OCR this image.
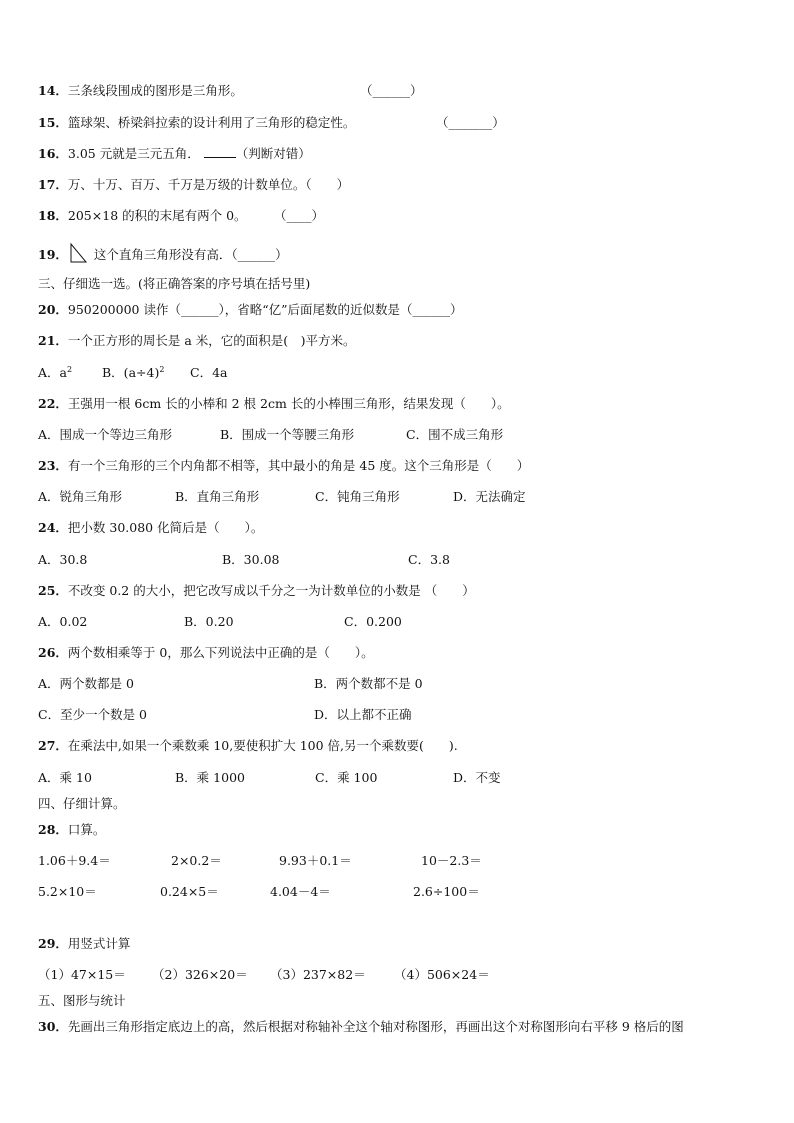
14．三条线段围成的图形是三角形。	（______）
15．篮球架、桥梁斜拉索的设计利用了三角形的稳定性。	（_______）
16．3.05 元就是三元五角．	（判断对错）
17．万、十万、百万、千万是万级的计数单位。（　　）
18．205×18 的积的末尾有两个 0。 （____）
19． 这个直角三角形没有高．（______）
三、仔细选一选。(将正确答案的序号填在括号里)
20．950200000 读作（______），省略“亿”后面尾数的近似数是（______）
21．一个正方形的周长是 a 米，它的面积是(　)平方米。
A．$a^2$ B．$(a\div 4)^2$ C．4a
22．王强用一根 6cm 长的小棒和 2 根 2cm 长的小棒围三角形，结果发现（　　）。
A．围成一个等边三角形	B．围成一个等腰三角形	C．围不成三角形
23．有一个三角形的三个内角都不相等，其中最小的角是 45 度。这个三角形是（　　）
A．锐角三角形	B．直角三角形	C．钝角三角形	D．无法确定
24．把小数 30.080 化简后是（　　）。
A．30.8	B．30.08	C．3.8
25．不改变 0.2 的大小，把它改写成以千分之一为计数单位的小数是 （　　）
A．0.02	B．0.20	C．0.200
26．两个数相乘等于 0，那么下列说法中正确的是（　　）。
A．两个数都是 0	B．两个数都不是 0
C．至少一个数是 0	D．以上都不正确
27．在乘法中,如果一个乘数乘 10,要使积扩大 100 倍,另一个乘数要(　　).
A．乘 10	B．乘 1000	C．乘 100	D．不变
四、仔细计算。
28．口算。
1.06＋9.4＝	2×0.2＝	9.93＋0.1＝	10－2.3＝
5.2×10＝	0.24×5＝	4.04－4＝	2.6÷100＝
29．用竖式计算
（1）47×15＝ （2）326×20＝ （3）237×82＝ （4）506×24＝
五、图形与统计
30．先画出三角形指定底边上的高，然后根据对称轴补全这个轴对称图形，再画出这个对称图形向右平移 9 格后的图
